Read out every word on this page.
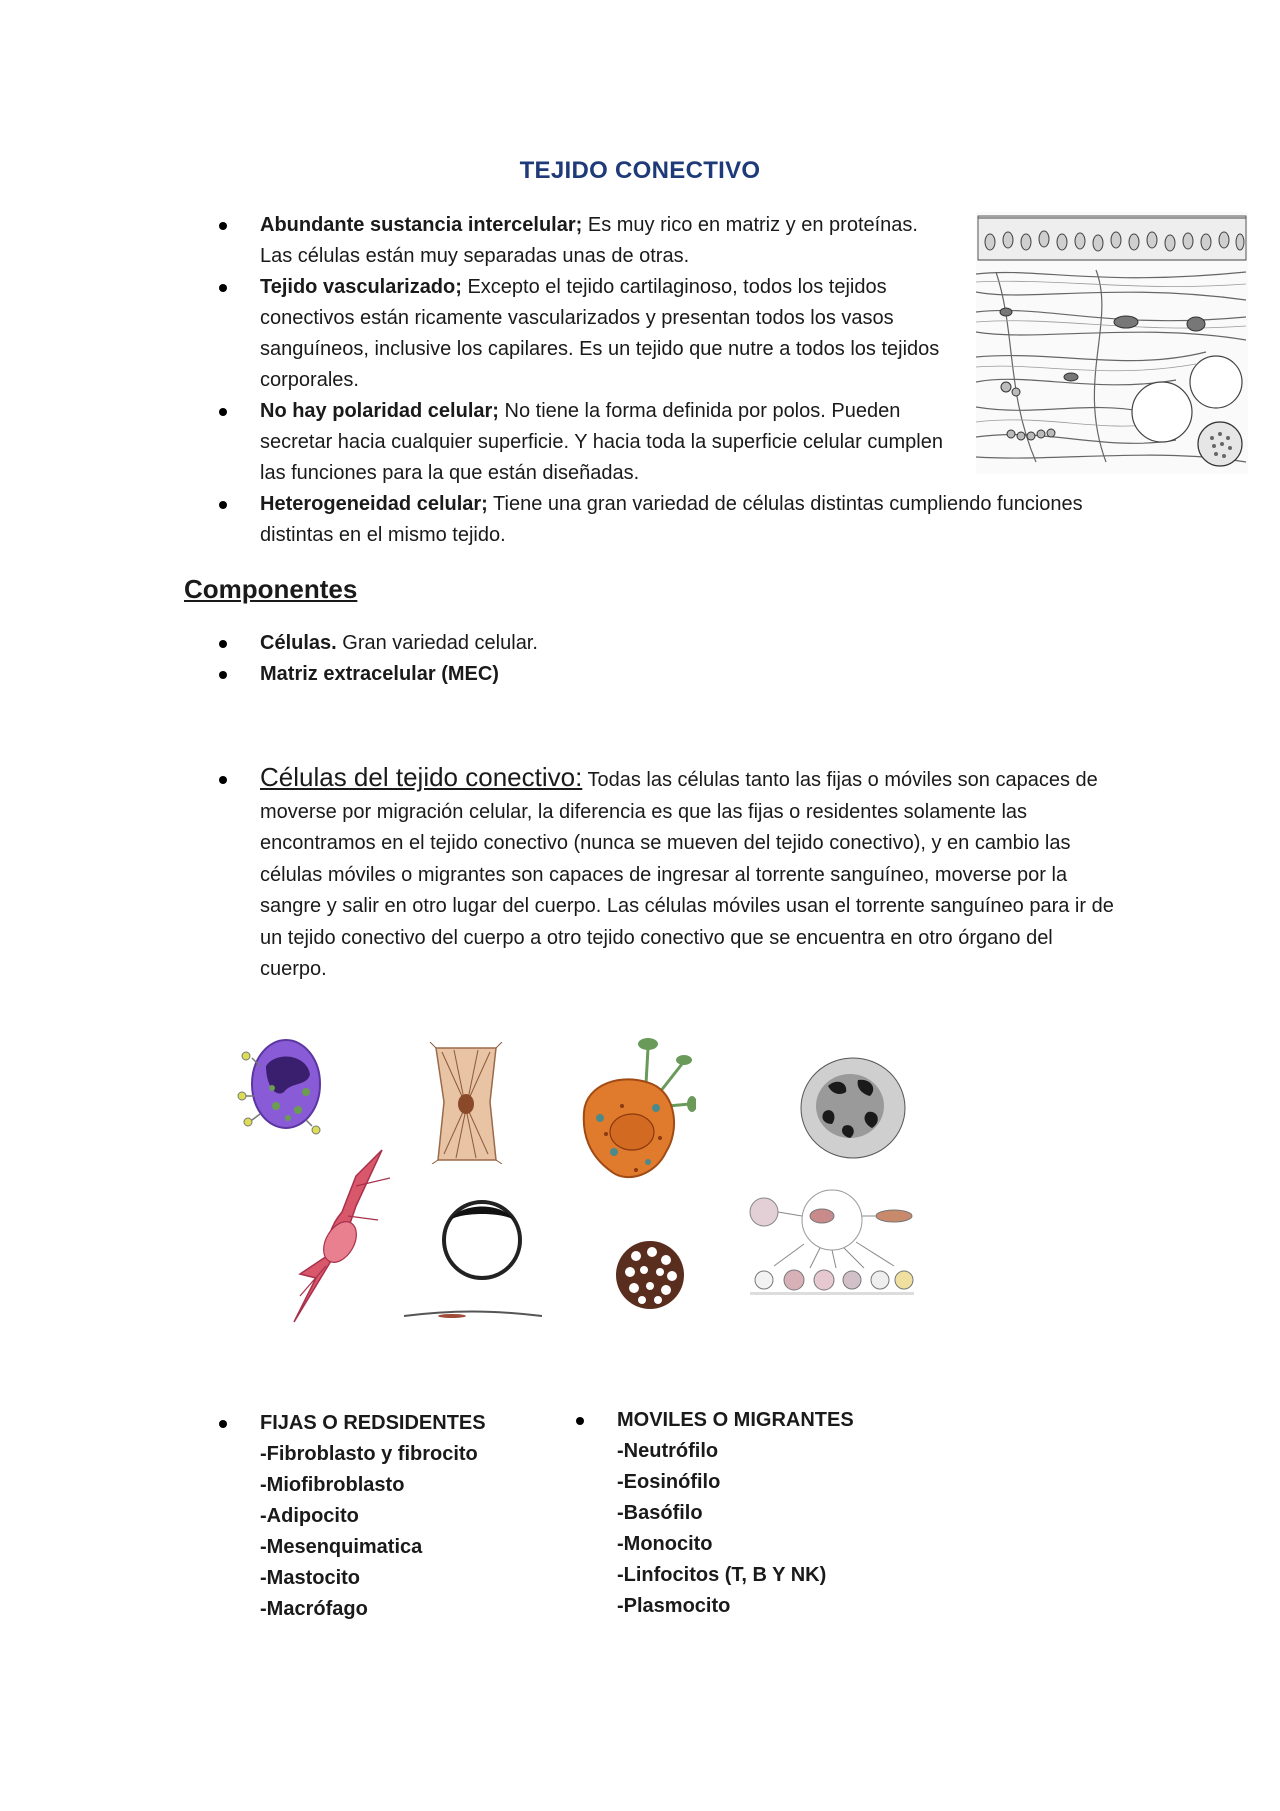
TEJIDO CONECTIVO
Abundante sustancia intercelular; Es muy rico en matriz y en proteínas. Las células están muy separadas unas de otras.
Tejido vascularizado; Excepto el tejido cartilaginoso, todos los tejidos conectivos están ricamente vascularizados y presentan todos los vasos sanguíneos, inclusive los capilares. Es un tejido que nutre a todos los tejidos corporales.
No hay polaridad celular; No tiene la forma definida por polos. Pueden secretar hacia cualquier superficie. Y hacia toda la superficie celular cumplen las funciones para la que están diseñadas.
Heterogeneidad celular; Tiene una gran variedad de células distintas cumpliendo funciones distintas en el mismo tejido.
Componentes
Células. Gran variedad celular.
Matriz extracelular (MEC)
Células del tejido conectivo: Todas las células tanto las fijas o móviles son capaces de moverse por migración celular, la diferencia es que las fijas o residentes solamente las encontramos en el tejido conectivo (nunca se mueven del tejido conectivo), y en cambio las células móviles o migrantes son capaces de ingresar al torrente sanguíneo, moverse por la sangre y salir en otro lugar del cuerpo. Las células móviles usan el torrente sanguíneo para ir de un tejido conectivo del cuerpo a otro tejido conectivo que se encuentra en otro órgano del cuerpo.
FIJAS O REDSIDENTES
-Fibroblasto y fibrocito
-Miofibroblasto
-Adipocito
-Mesenquimatica
-Mastocito
-Macrófago
MOVILES O MIGRANTES
-Neutrófilo
-Eosinófilo
-Basófilo
-Monocito
-Linfocitos (T, B Y NK)
-Plasmocito
